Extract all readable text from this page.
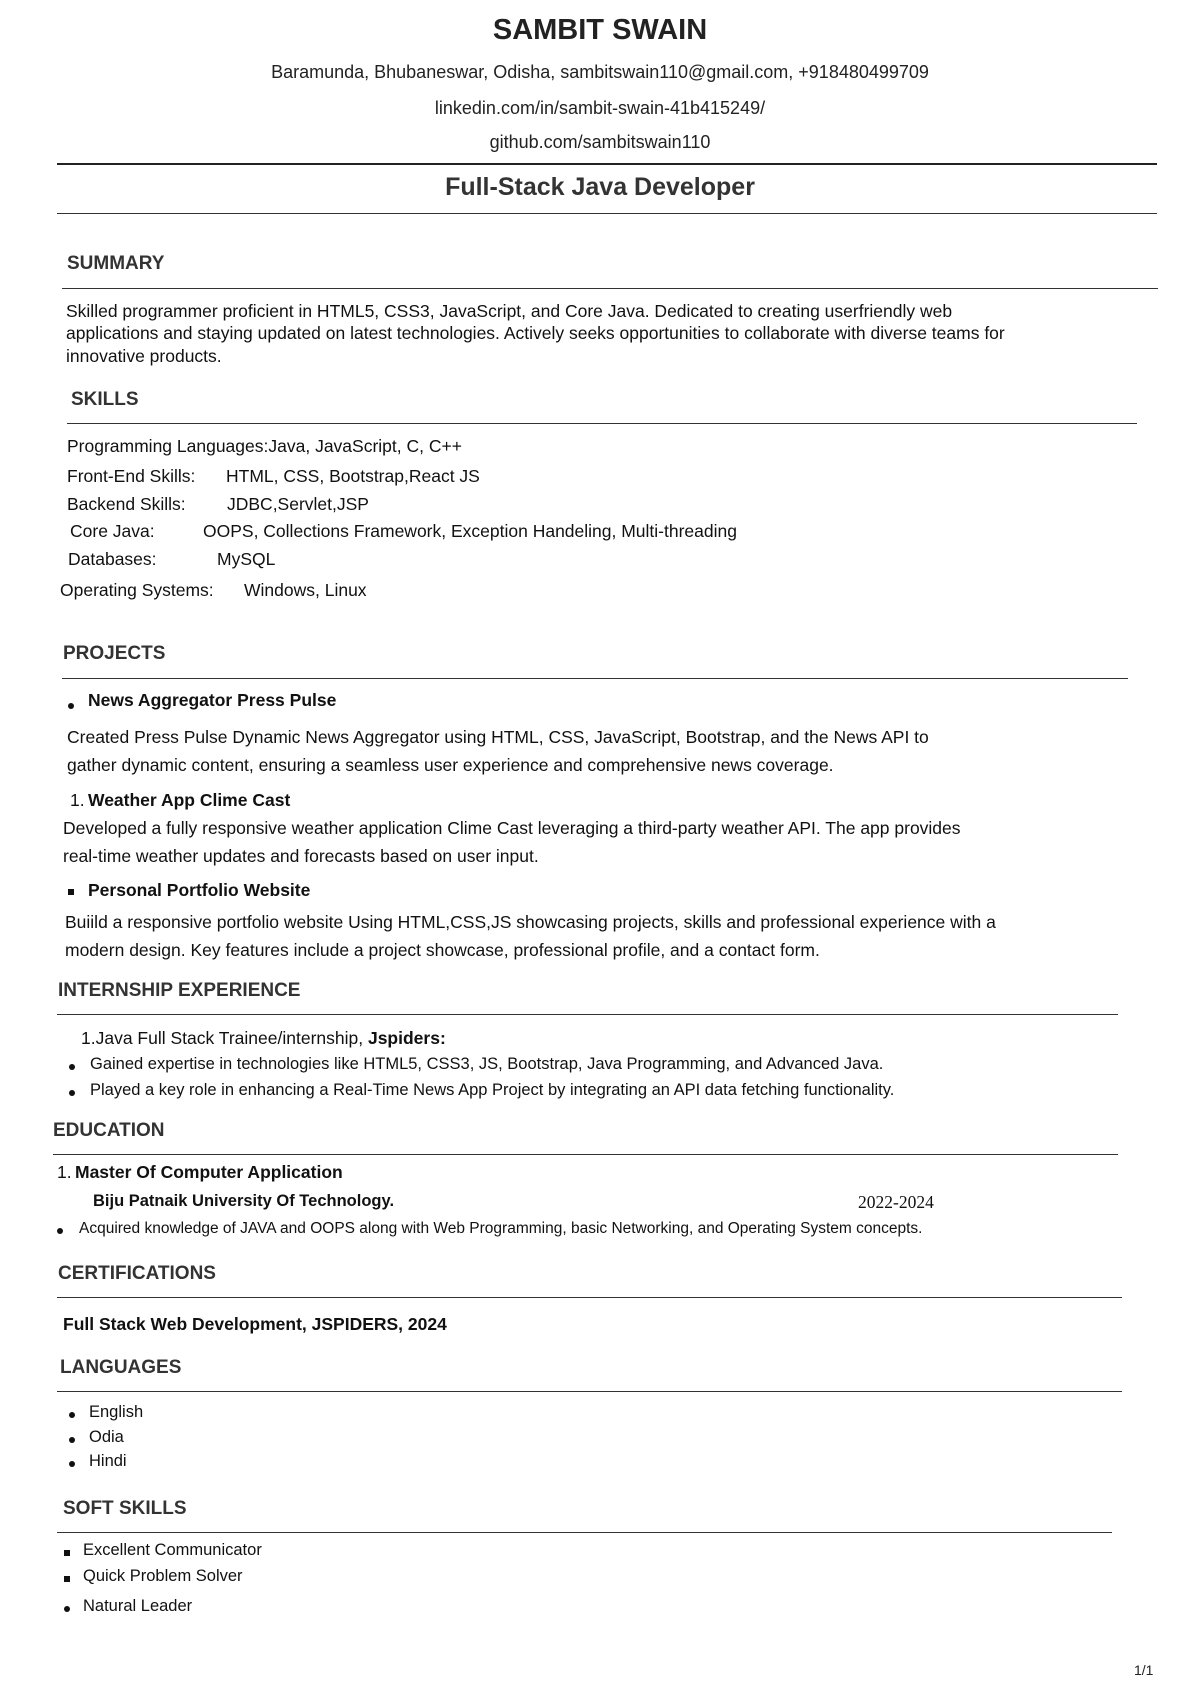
SAMBIT SWAIN
Baramunda, Bhubaneswar, Odisha, sambitswain110@gmail.com, +918480499709
linkedin.com/in/sambit-swain-41b415249/
github.com/sambitswain110
Full-Stack Java Developer
SUMMARY
Skilled programmer proficient in HTML5, CSS3, JavaScript, and Core Java. Dedicated to creating userfriendly web
applications and staying updated on latest technologies. Actively seeks opportunities to collaborate with diverse teams for
innovative products.
SKILLS
Programming Languages:Java, JavaScript, C, C++
Front-End Skills: HTML, CSS, Bootstrap,React JS
Backend Skills: JDBC,Servlet,JSP
Core Java:	OOPS, Collections Framework, Exception Handeling, Multi-threading
Databases:	MySQL
Operating Systems: Windows, Linux
PROJECTS
News Aggregator Press Pulse
Created Press Pulse Dynamic News Aggregator using HTML, CSS, JavaScript, Bootstrap, and the News API to
gather dynamic content, ensuring a seamless user experience and comprehensive news coverage.
1. Weather App Clime Cast
Developed a fully responsive weather application Clime Cast leveraging a third-party weather API. The app provides
real-time weather updates and forecasts based on user input.
Personal Portfolio Website
Buiild a responsive portfolio website Using HTML,CSS,JS showcasing projects, skills and professional experience with a
modern design. Key features include a project showcase, professional profile, and a contact form.
INTERNSHIP EXPERIENCE
1.Java Full Stack Trainee/internship, Jspiders:
Gained expertise in technologies like HTML5, CSS3, JS, Bootstrap, Java Programming, and Advanced Java.
Played a key role in enhancing a Real-Time News App Project by integrating an API data fetching functionality.
EDUCATION
1. Master Of Computer Application
Biju Patnaik University Of Technology.	2022-2024
Acquired knowledge of JAVA and OOPS along with Web Programming, basic Networking, and Operating System concepts.
CERTIFICATIONS
Full Stack Web Development, JSPIDERS, 2024
LANGUAGES
English
Odia
Hindi
SOFT SKILLS
Excellent Communicator
Quick Problem Solver
Natural Leader
1/1
